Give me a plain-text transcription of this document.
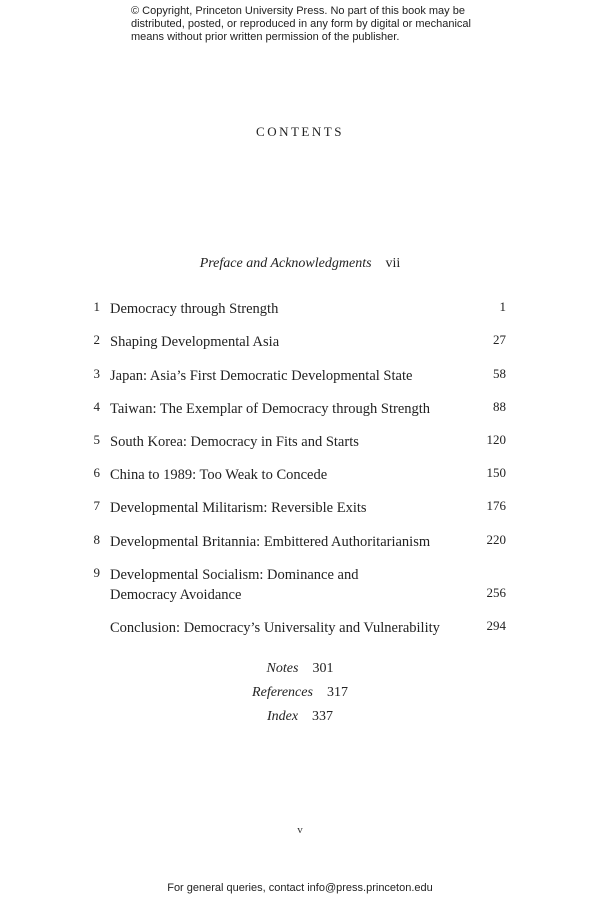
© Copyright, Princeton University Press. No part of this book may be
distributed, posted, or reproduced in any form by digital or mechanical
means without prior written permission of the publisher.
CONTENTS
Preface and Acknowledgments vii
1 Democracy through Strength	1
2 Shaping Developmental Asia	27
3 Japan: Asia’s First Democratic Developmental State	58
4 Taiwan: The Exemplar of Democracy through Strength	88
5 South Korea: Democracy in Fits and Starts	120
6 China to 1989: Too Weak to Concede	150
7 Developmental Militarism: Reversible Exits	176
8 Developmental Britannia: Embittered Authoritarianism	220
9 Developmental Socialism: Dominance and
Democracy Avoidance	256
Conclusion: Democracy’s Universality and Vulnerability	294
Notes 301
References 317
Index 337
v
For general queries, contact info@press.princeton.edu
